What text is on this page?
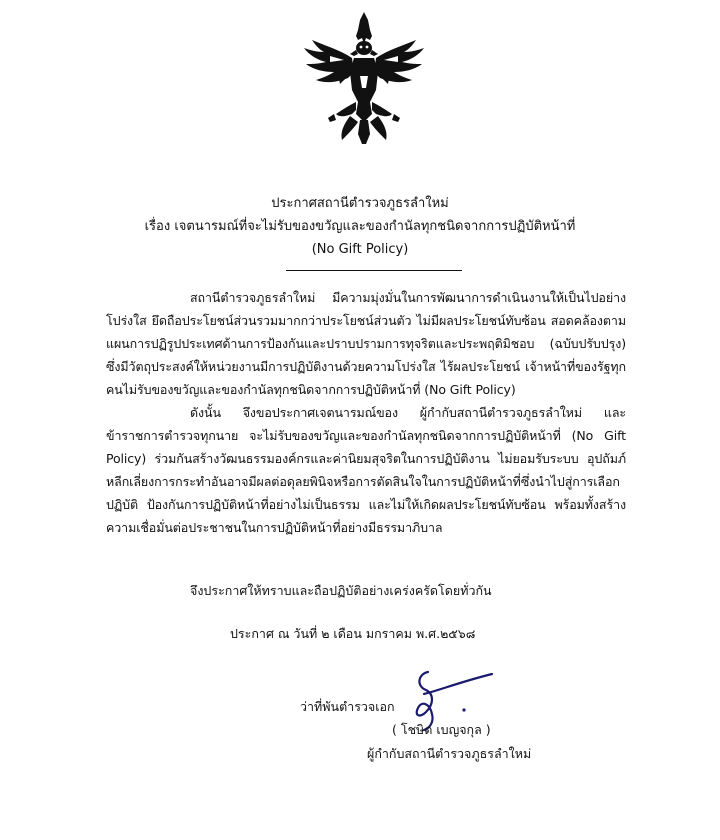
ประกาศสถานีตำรวจภูธรลำใหม่
เรื่อง เจตนารมณ์ที่จะไม่รับของขวัญและของกำนัลทุกชนิดจากการปฏิบัติหน้าที่
(No Gift Policy)

สถานีตำรวจภูธรลำใหม่ มีความมุ่งมั่นในการพัฒนาการดำเนินงานให้เป็นไปอย่างโปร่งใส ยึดถือประโยชน์ส่วนรวมมากกว่าประโยชน์ส่วนตัว ไม่มีผลประโยชน์ทับซ้อน สอดคล้องตามแผนการปฏิรูปประเทศด้านการป้องกันและปราบปรามการทุจริตและประพฤติมิชอบ (ฉบับปรับปรุง) ซึ่งมีวัตถุประสงค์ให้หน่วยงานมีการปฏิบัติงานด้วยความโปร่งใส ไร้ผลประโยชน์ เจ้าหน้าที่ของรัฐทุกคนไม่รับของขวัญและของกำนัลทุกชนิดจากการปฏิบัติหน้าที่ (No Gift Policy)

ดังนั้น จึงขอประกาศเจตนารมณ์ของ ผู้กำกับสถานีตำรวจภูธรลำใหม่ และข้าราชการตำรวจทุกนาย จะไม่รับของขวัญและของกำนัลทุกชนิดจากการปฏิบัติหน้าที่ (No Gift Policy) ร่วมกันสร้างวัฒนธรรมองค์กรและค่านิยมสุจริตในการปฏิบัติงาน ไม่ยอมรับระบบ อุปถัมภ์ หลีกเลี่ยงการกระทำอันอาจมีผลต่อดุลยพินิจหรือการตัดสินใจในการปฏิบัติหน้าที่ซึ่งนำไปสู่การเลือกปฏิบัติ ป้องกันการปฏิบัติหน้าที่อย่างไม่เป็นธรรม และไม่ให้เกิดผลประโยชน์ทับซ้อน พร้อมทั้งสร้างความเชื่อมั่นต่อประชาชนในการปฏิบัติหน้าที่อย่างมีธรรมาภิบาล

จึงประกาศให้ทราบและถือปฏิบัติอย่างเคร่งครัดโดยทั่วกัน
ประกาศ ณ วันที่ ๒ เดือน มกราคม พ.ศ.๒๕๖๘
ว่าที่พันตำรวจเอก
( โชษิต เบญจกุล )
ผู้กำกับสถานีตำรวจภูธรลำใหม่
